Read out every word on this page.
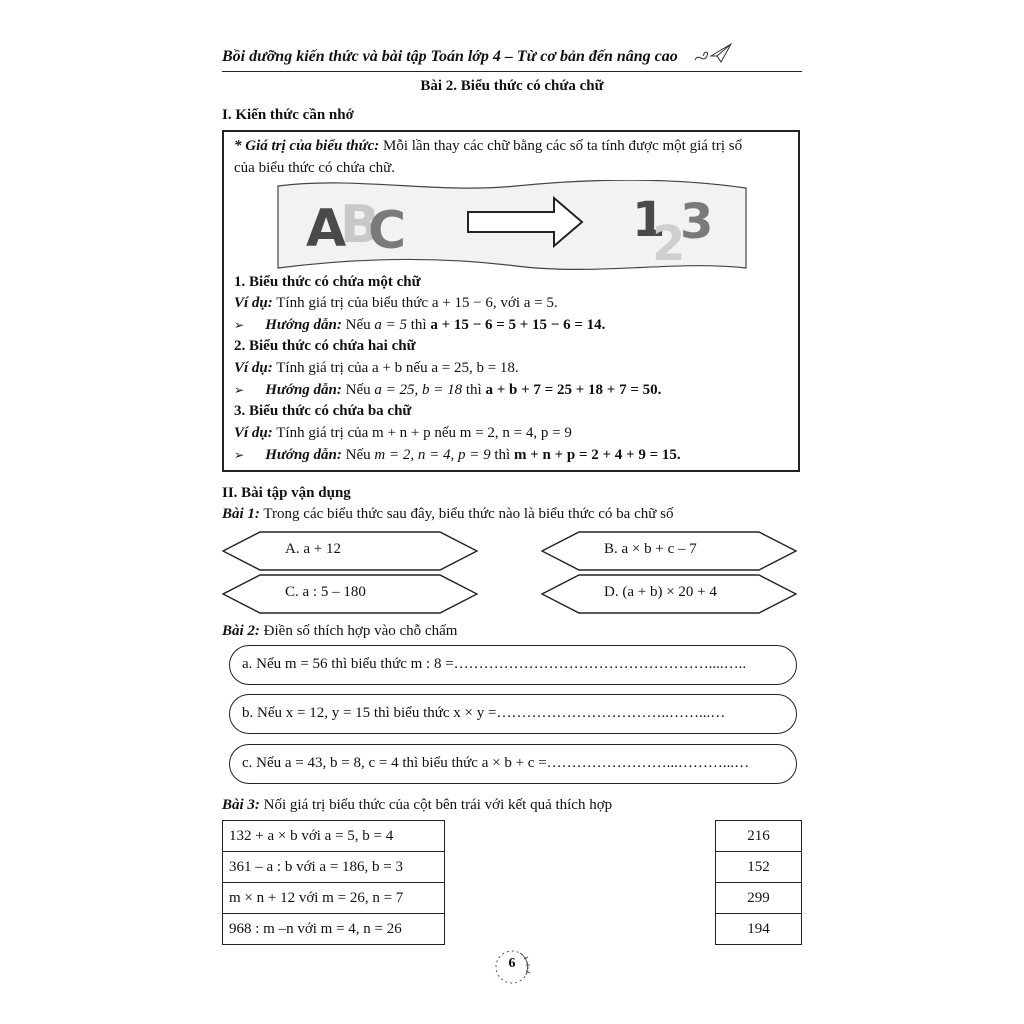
Bồi dưỡng kiến thức và bài tập Toán lớp 4 – Từ cơ bản đến nâng cao
Bài 2. Biểu thức có chứa chữ
I. Kiến thức cần nhớ
* Giá trị của biểu thức: Mỗi lần thay các chữ bằng các số ta tính được một giá trị số
của biểu thức có chứa chữ.
1. Biểu thức có chứa một chữ
Ví dụ: Tính giá trị của biểu thức a + 15 − 6, với a = 5.
➢ Hướng dẫn: Nếu a = 5 thì a + 15 − 6 = 5 + 15 − 6 = 14.
2. Biểu thức có chứa hai chữ
Ví dụ: Tính giá trị của a + b nếu a = 25, b = 18.
➢ Hướng dẫn: Nếu a = 25, b = 18 thì a + b + 7 = 25 + 18 + 7 = 50.
3. Biểu thức có chứa ba chữ
Ví dụ: Tính giá trị của m + n + p nếu m = 2, n = 4, p = 9
➢ Hướng dẫn: Nếu m = 2, n = 4, p = 9 thì m + n + p = 2 + 4 + 9 = 15.
A
B
C	1
2
3
II. Bài tập vận dụng
Bài 1: Trong các biểu thức sau đây, biểu thức nào là biểu thức có ba chữ số
A. a + 12	B. a × b + c – 7
C. a : 5 – 180	D. (a + b) × 20 + 4
Bài 2: Điền số thích hợp vào chỗ chấm
a. Nếu m = 56 thì biểu thức m : 8 =……………………………………………....…..
b. Nếu x = 12, y = 15 thì biểu thức x × y =……………………………..……...…
c. Nếu a = 43, b = 8, c = 4 thì biểu thức a × b + c =……………………...………...…
Bài 3: Nối giá trị biểu thức của cột bên trái với kết quả thích hợp
132 + a × b với a = 5, b = 4
361 – a : b với a = 186, b = 3
m × n + 12 với m = 26, n = 7
968 : m –n với m = 4, n = 26
216
152
299
194
6
